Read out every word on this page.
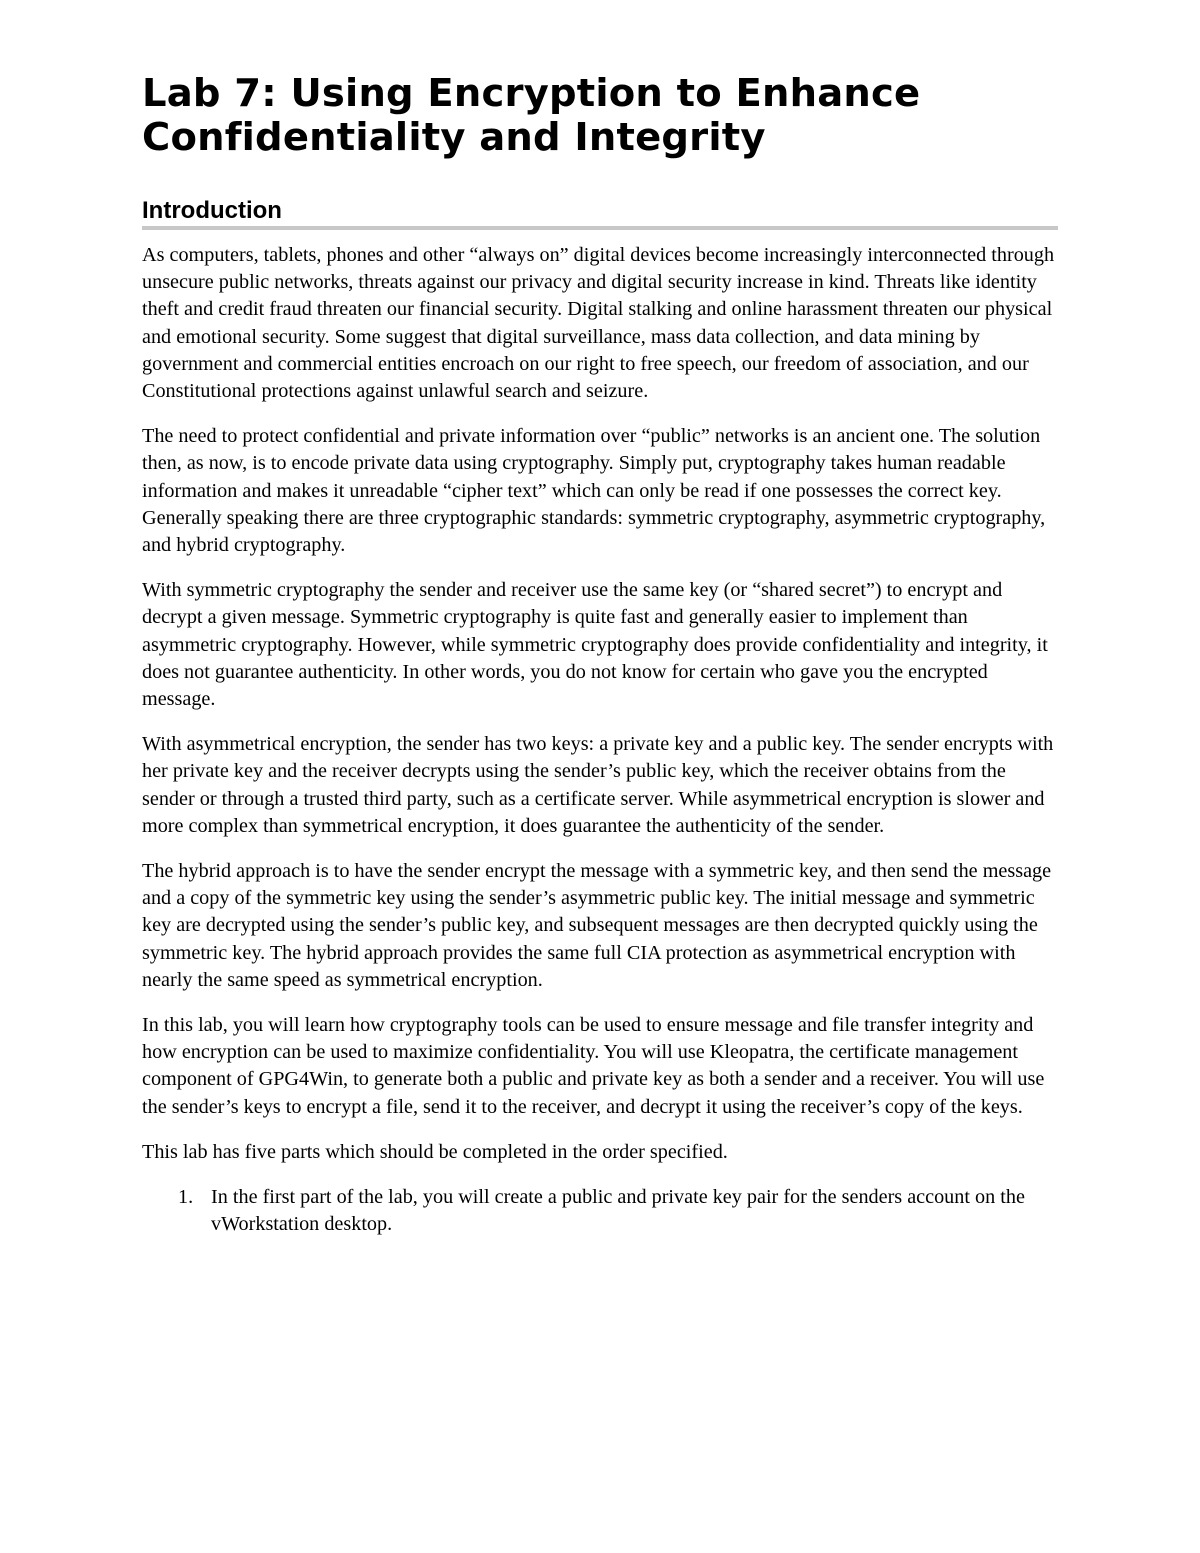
Lab 7: Using Encryption to Enhance
Confidentiality and Integrity
Introduction

As computers, tablets, phones and other “always on” digital devices become increasingly interconnected through unsecure public networks, threats against our privacy and digital security increase in kind. Threats like identity theft and credit fraud threaten our financial security. Digital stalking and online harassment threaten our physical and emotional security. Some suggest that digital surveillance, mass data collection, and data mining by government and commercial entities encroach on our right to free speech, our freedom of association, and our Constitutional protections against unlawful search and seizure.

The need to protect confidential and private information over “public” networks is an ancient one. The solution then, as now, is to encode private data using cryptography. Simply put, cryptography takes human readable information and makes it unreadable “cipher text” which can only be read if one possesses the correct key. Generally speaking there are three cryptographic standards: symmetric cryptography, asymmetric cryptography, and hybrid cryptography.

With symmetric cryptography the sender and receiver use the same key (or “shared secret”) to encrypt and decrypt a given message. Symmetric cryptography is quite fast and generally easier to implement than asymmetric cryptography. However, while symmetric cryptography does provide confidentiality and integrity, it does not guarantee authenticity. In other words, you do not know for certain who gave you the encrypted message.

With asymmetrical encryption, the sender has two keys: a private key and a public key. The sender encrypts with her private key and the receiver decrypts using the sender’s public key, which the receiver obtains from the sender or through a trusted third party, such as a certificate server. While asymmetrical encryption is slower and more complex than symmetrical encryption, it does guarantee the authenticity of the sender.

The hybrid approach is to have the sender encrypt the message with a symmetric key, and then send the message and a copy of the symmetric key using the sender’s asymmetric public key. The initial message and symmetric key are decrypted using the sender’s public key, and subsequent messages are then decrypted quickly using the symmetric key. The hybrid approach provides the same full CIA protection as asymmetrical encryption with nearly the same speed as symmetrical encryption.

In this lab, you will learn how cryptography tools can be used to ensure message and file transfer integrity and how encryption can be used to maximize confidentiality. You will use Kleopatra, the certificate management component of GPG4Win, to generate both a public and private key as both a sender and a receiver. You will use the sender’s keys to encrypt a file, send it to the receiver, and decrypt it using the receiver’s copy of the keys.

This lab has five parts which should be completed in the order specified.

1. In the first part of the lab, you will create a public and private key pair for the senders account on the vWorkstation desktop.
